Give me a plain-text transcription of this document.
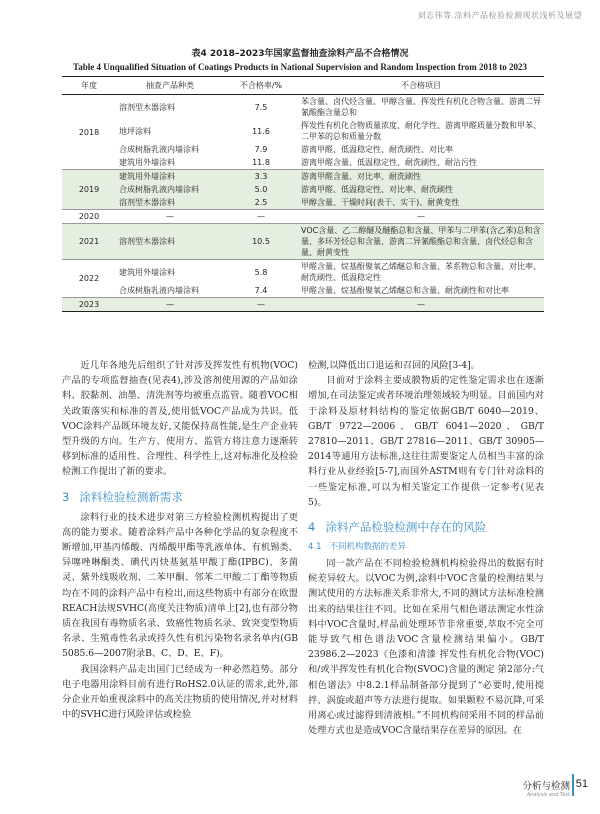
刘志伟等.涂料产品检验检测现状浅析及展望
表4 2018–2023年国家监督抽查涂料产品不合格情况
Table 4 Unqualified Situation of Coatings Products in National Supervision and Random Inspection from 2018 to 2023
年度	抽查产品种类	不合格率/%	不合格项目
2018	溶剂型木器涂料	7.5	苯含量、卤代烃含量、甲醇含量、挥发性有机化合物含量、游离二异氰酸酯含量总和
	地坪涂料	11.6	挥发性有机化合物质量浓度、耐化学性、游离甲醛质量分数和甲苯、二甲苯的总和质量分数
	合成树脂乳液内墙涂料	7.9	游离甲醛、低温稳定性、耐洗刷性、对比率
	建筑用外墙涂料	11.8	游离甲醛含量、低温稳定性、耐洗刷性、耐沾污性
2019	建筑用外墙涂料	3.3	游离甲醛含量、对比率、耐洗刷性
	合成树脂乳液内墙涂料	5.0	游离甲醛、低温稳定性、对比率、耐洗刷性
	溶剂型木器涂料	2.5	甲醇含量、干燥时间(表干、实干)、耐黄变性
2020	—	—	—
2021	溶剂型木器涂料	10.5	VOC含量、乙二醇醚及醚酯总和含量、甲苯与二甲苯(含乙苯)总和含量、多环芳烃总和含量、游离二异氰酸酯总和含量、卤代烃总和含量、耐黄变性
2022	建筑用外墙涂料	5.8	甲醛含量、烷基酚聚氧乙烯醚总和含量、苯系物总和含量、对比率、耐洗刷性、低温稳定性
	合成树脂乳液内墙涂料	7.4	甲醛含量、烷基酚聚氧乙烯醚总和含量、耐洗刷性和对比率
2023	—	—	—

近几年各地先后组织了针对涉及挥发性有机物(VOC)产品的专项监督抽查(见表4),涉及溶剂使用源的产品如涂料、胶黏剂、油墨、清洗剂等均被重点监管。随着VOC相关政策落实和标准的普及,使用低VOC产品成为共识。低VOC涂料产品既环境友好,又能保持高性能,是生产企业转型升级的方向。生产方、使用方、监管方将注意力逐渐转移到标准的适用性、合理性、科学性上,这对标准化及检验检测工作提出了新的要求。

3 涂料检验检测新需求

涂料行业的技术进步对第三方检验检测机构提出了更高的能力要求。随着涂料产品中各种化学品的复杂程度不断增加,甲基丙烯酸、丙烯酸甲酯等乳液单体、有机锡类、异噻唑啉酮类、碘代丙炔基氨基甲酸丁酯(IPBC)、多菌灵、紫外线吸收剂、二苯甲酮、邻苯二甲酸二丁酯等物质均在不同的涂料产品中有检出,而这些物质中有部分在欧盟REACH法规SVHC(高度关注物质)清单上[2],也有部分物质在我国有毒物质名录、致癌性物质名录、致突变型物质名录、生殖毒性名录或持久性有机污染物名录名单内(GB 5085.6—2007附录B、C、D、E、F)。

我国涂料产品走出国门已经成为一种必然趋势。部分电子电器用涂料目前有进行RoHS2.0认证的需求,此外,部分企业开始重视涂料中的高关注物质的使用情况,并对材料中的SVHC进行风险评估或检验

检测,以降低出口退运和召回的风险[3-4]。

目前对于涂料主要成膜物质的定性鉴定需求也在逐渐增加,在司法鉴定或者环境治理领域较为明显。目前国内对于涂料及原材料结构的鉴定依据GB/T 6040—2019、GB/T 9722—2006、GB/T 6041—2020、GB/T 27810—2011、GB/T 27816—2011、GB/T 30905—2014等通用方法标准,这往往需要鉴定人员相当丰富的涂料行业从业经验[5-7],而国外ASTM则有专门针对涂料的一些鉴定标准,可以为相关鉴定工作提供一定参考(见表5)。

4 涂料产品检验检测中存在的风险
4.1 不同机构数据的差异

同一款产品在不同检验检测机构检验得出的数据有时候差异较大。以VOC为例,涂料中VOC含量的检测结果与测试使用的方法标准关系非常大,不同的测试方法标准检测出来的结果往往不同。比如在采用气相色谱法测定水性涂料中VOC含量时,样品前处理环节非常重要,萃取不完全可能导致气相色谱法VOC含量检测结果偏小。GB/T 23986.2—2023《色漆和清漆 挥发性有机化合物(VOC)和/或半挥发性有机化合物(SVOC)含量的测定 第2部分:气相色谱法》中8.2.1样品制备部分提到了“必要时,使用搅拌、涡旋或超声等方法进行提取。如果颗粒不易沉降,可采用离心或过滤得到清液相。”不同机构间采用不同的样品前处理方式也是造成VOC含量结果存在差异的原因。在

分析与检测
Analysis and Test
51
